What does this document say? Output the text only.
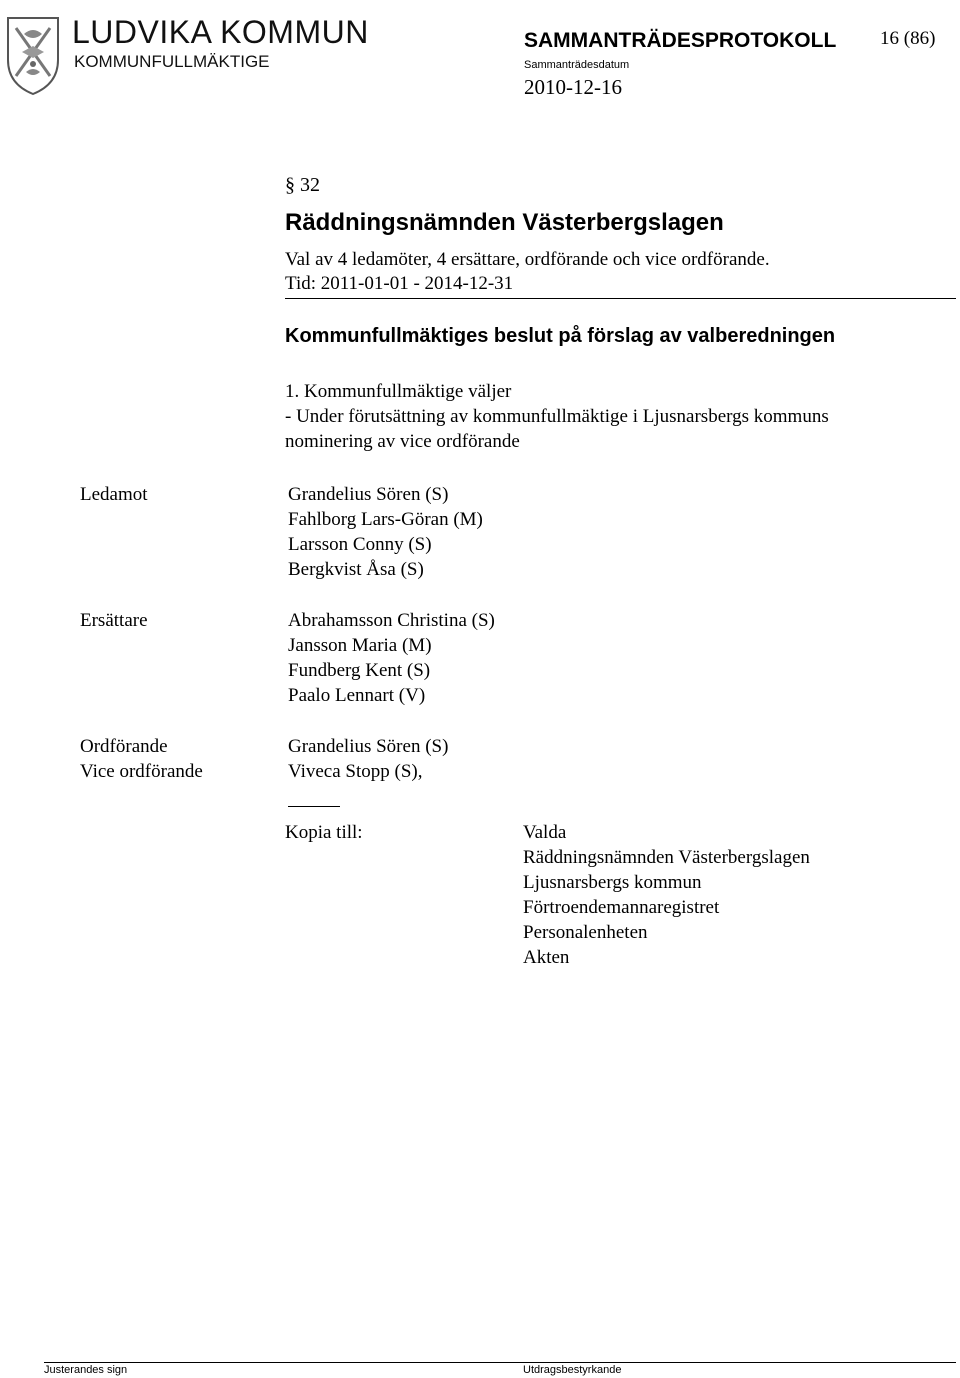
LUDVIKA KOMMUN
KOMMUNFULLMÄKTIGE
SAMMANTRÄDESPROTOKOLL 16 (86)
Sammanträdesdatum
2010-12-16
§ 32
Räddningsnämnden Västerbergslagen
Val av 4 ledamöter, 4 ersättare, ordförande och vice ordförande.
Tid: 2011-01-01 - 2014-12-31
Kommunfullmäktiges beslut på förslag av valberedningen
1. Kommunfullmäktige väljer
- Under förutsättning av kommunfullmäktige i Ljusnarsbergs kommuns
nominering av vice ordförande
Ledamot	Grandelius Sören (S)
Fahlborg Lars-Göran (M)
Larsson Conny (S)
Bergkvist Åsa (S)
Ersättare	Abrahamsson Christina (S)
Jansson Maria (M)
Fundberg Kent (S)
Paalo Lennart (V)
Ordförande	Grandelius Sören (S)
Vice ordförande	Viveca Stopp (S),
Kopia till:	Valda
Räddningsnämnden Västerbergslagen
Ljusnarsbergs kommun
Förtroendemannaregistret
Personalenheten
Akten
Justerandes sign	Utdragsbestyrkande
